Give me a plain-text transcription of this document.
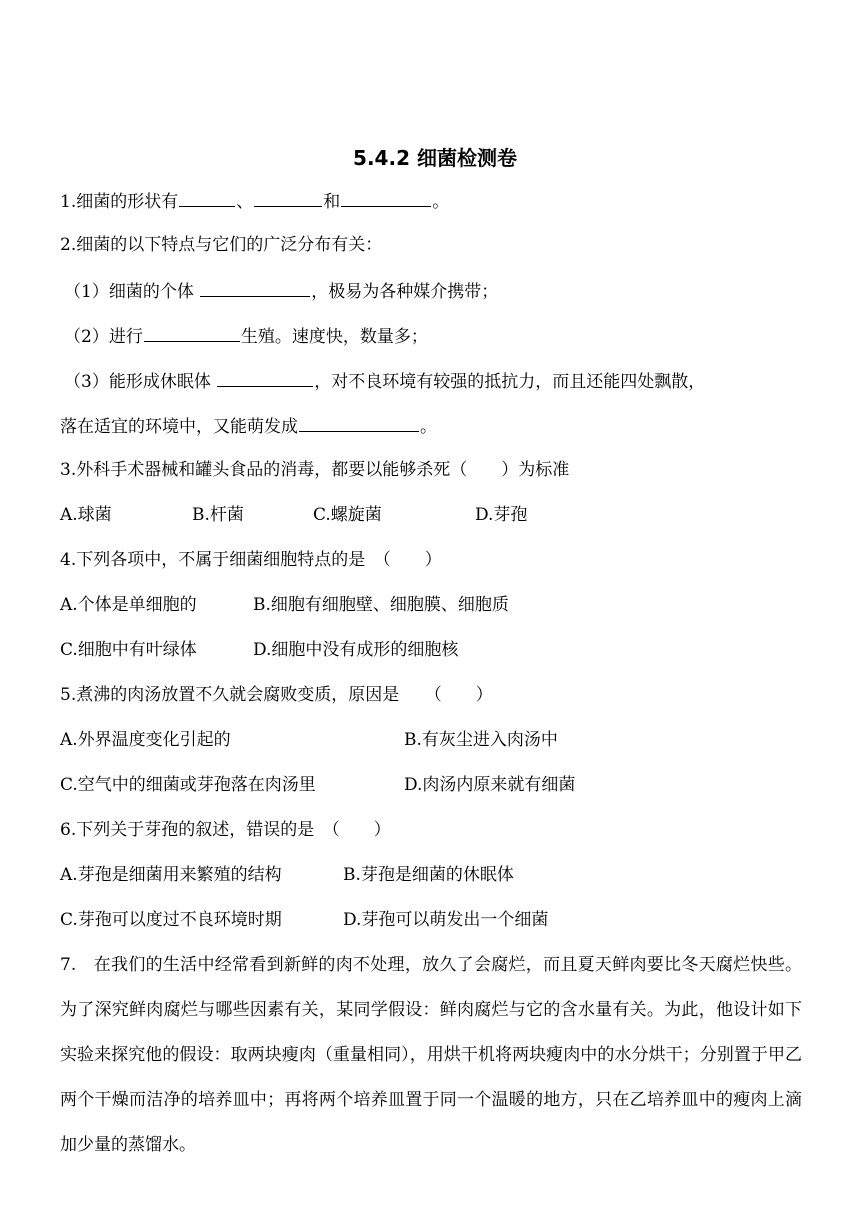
5.4.2 细菌检测卷
1.细菌的形状有	、	和	。
2.细菌的以下特点与它们的广泛分布有关：
（1）细菌的个体	，极易为各种媒介携带；
（2）进行	生殖。速度快，数量多；
（3）能形成休眠体	，对不良环境有较强的抵抗力，而且还能四处飘散，
落在适宜的环境中，又能萌发成	。
3.外科手术器械和罐头食品的消毒，都要以能够杀死（　　）为标准
A.球菌	B.杆菌	C.螺旋菌	D.芽孢
4.下列各项中，不属于细菌细胞特点的是　（　　）
A.个体是单细胞的	B.细胞有细胞壁、细胞膜、细胞质
C.细胞中有叶绿体	D.细胞中没有成形的细胞核
5.煮沸的肉汤放置不久就会腐败变质，原因是　　（　　）
A.外界温度变化引起的	B.有灰尘进入肉汤中
C.空气中的细菌或芽孢落在肉汤里	D.肉汤内原来就有细菌
6.下列关于芽孢的叙述，错误的是　（　　）
A.芽孢是细菌用来繁殖的结构	B.芽孢是细菌的休眠体
C.芽孢可以度过不良环境时期	D.芽孢可以萌发出一个细菌
7.　在我们的生活中经常看到新鲜的肉不处理，放久了会腐烂，而且夏天鲜肉要比冬天腐烂快些。为了深究鲜肉腐烂与哪些因素有关，某同学假设：鲜肉腐烂与它的含水量有关。为此，他设计如下实验来探究他的假设：取两块瘦肉（重量相同），用烘干机将两块瘦肉中的水分烘干；分别置于甲乙两个干燥而洁净的培养皿中；再将两个培养皿置于同一个温暖的地方，只在乙培养皿中的瘦肉上滴加少量的蒸馏水。
